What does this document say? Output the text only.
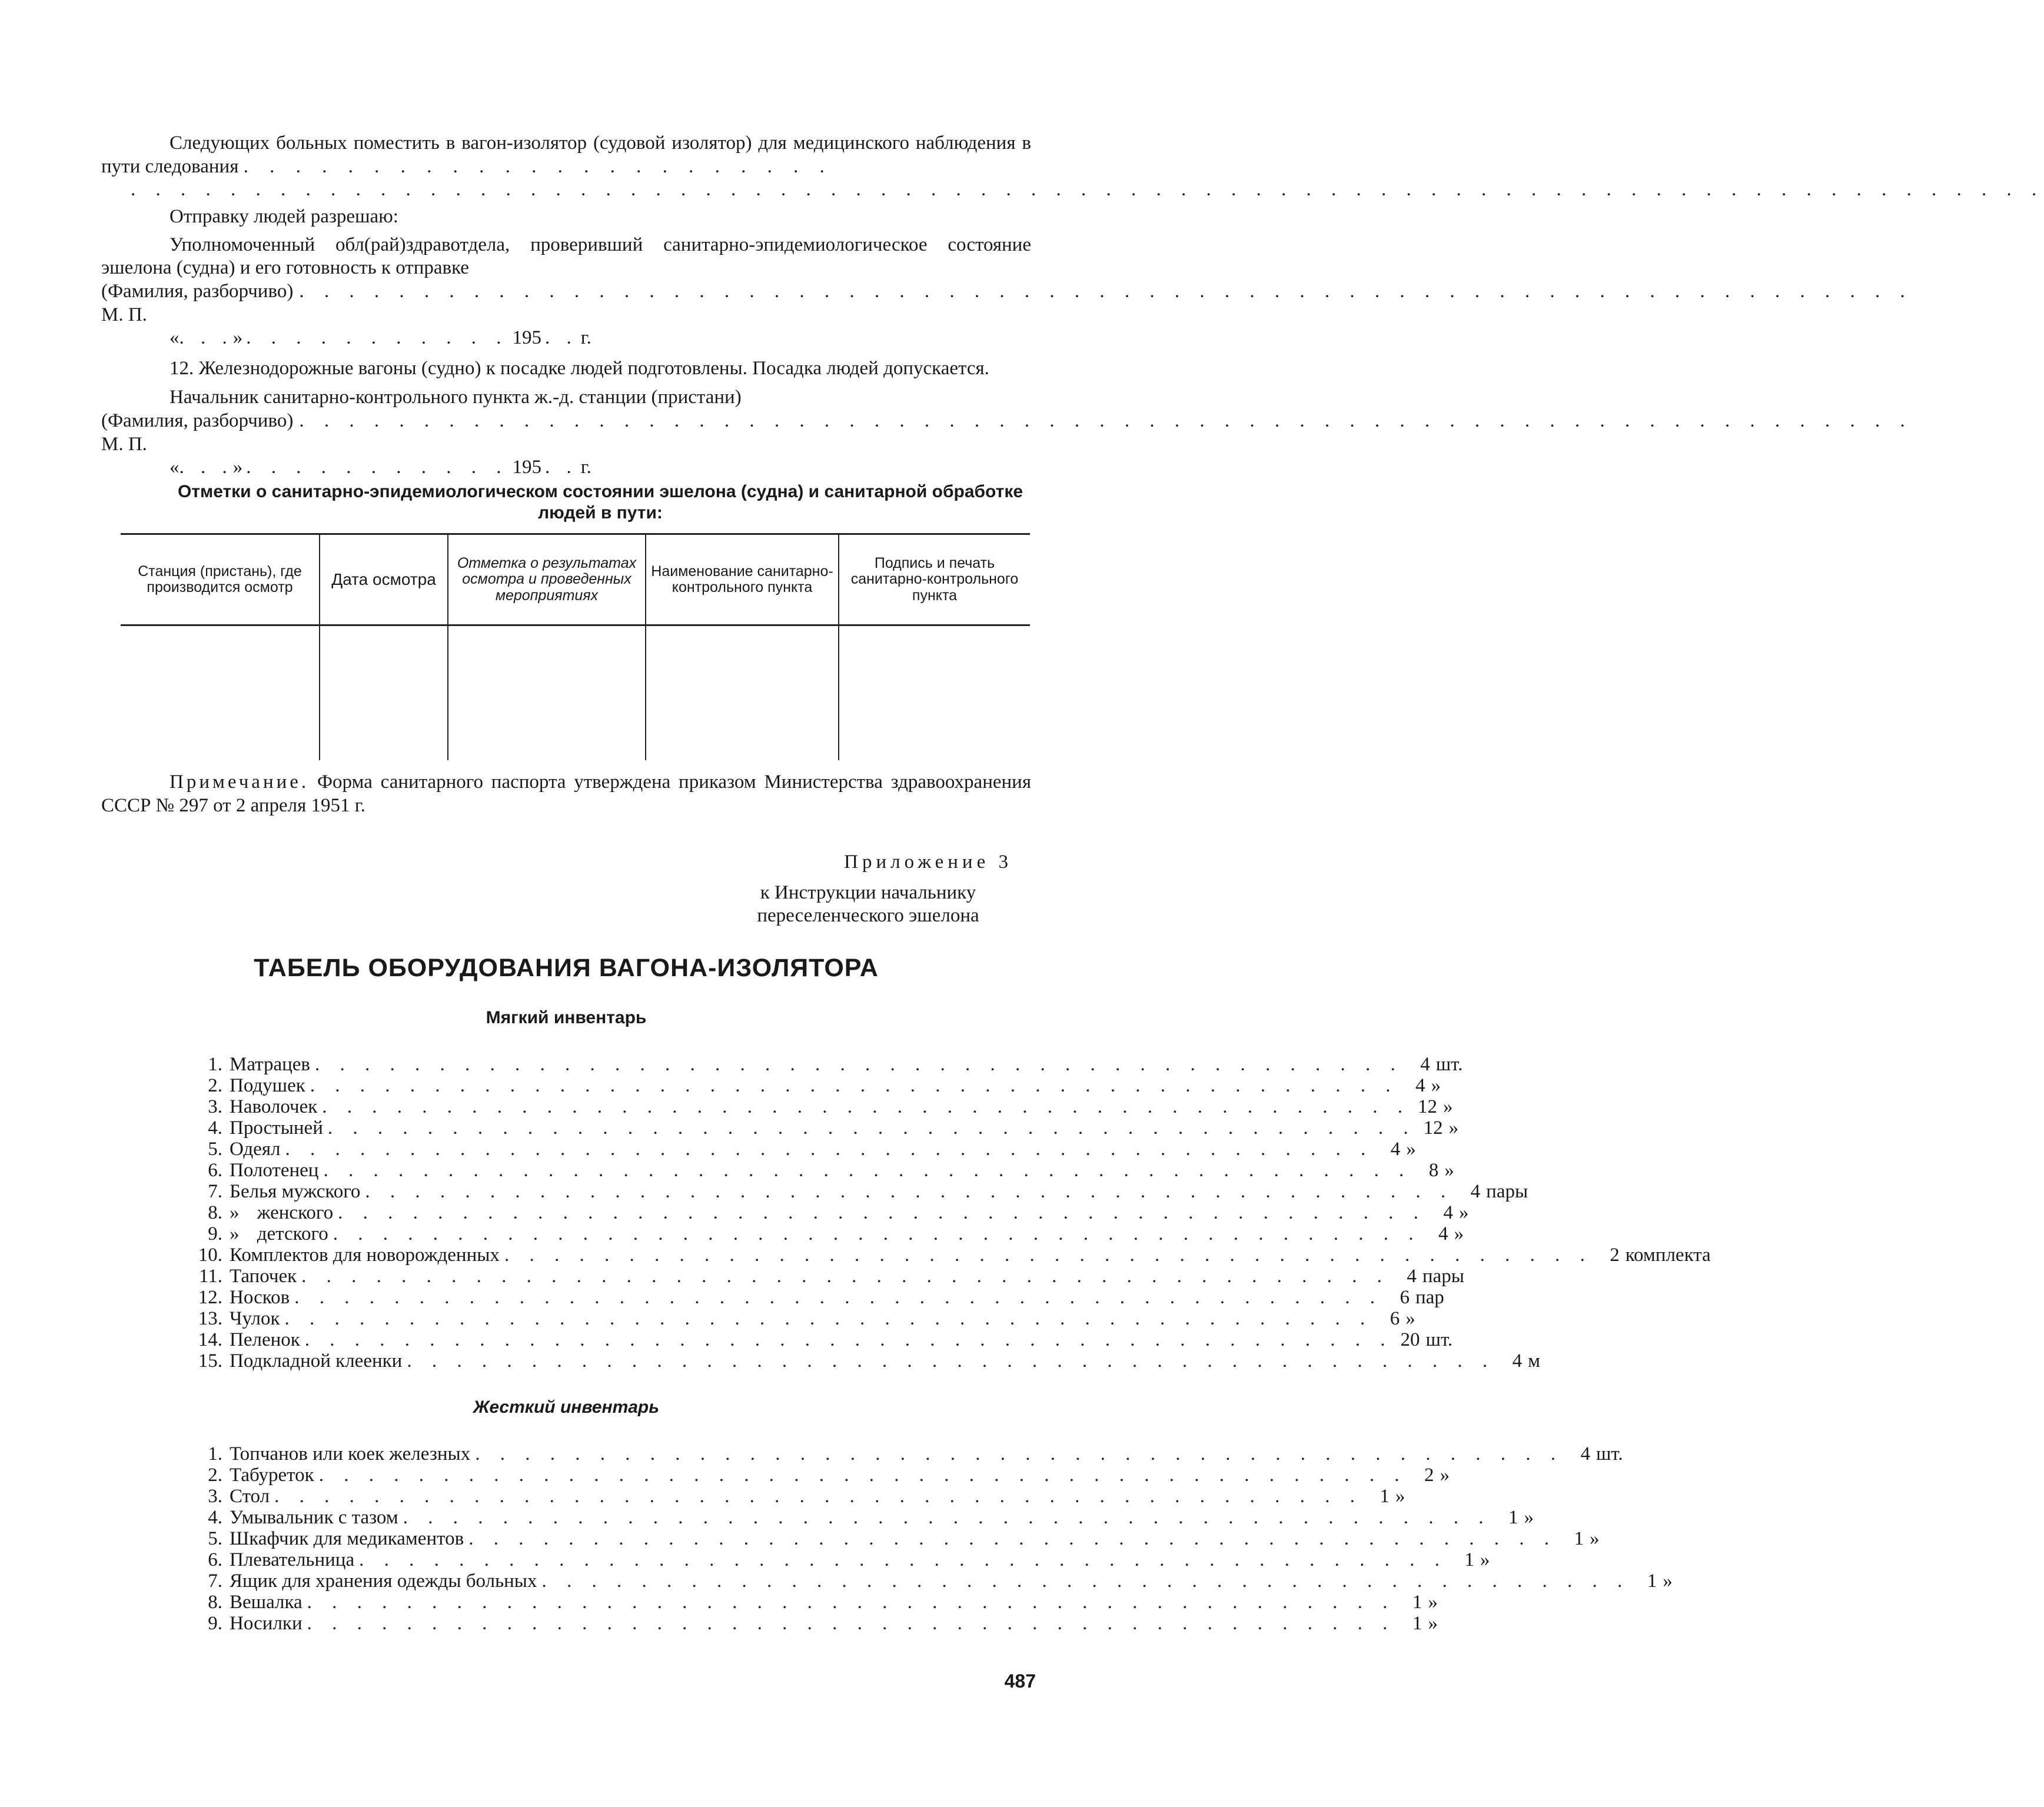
Следующих больных поместить в вагон-изолятор (судовой изолятор) для медицинского наблюдения в пути следования . . . . . . . . . . . . . . . . . . . . . . .

. . . . . . . . . . . . . . . . . . . . . . . . . . . . . . . . . . . . . . . . . . . . . . . . . . . . . . . . . . . . . . . . . . . . . . . . . . . . .

Отправку людей разрешаю:

Уполномоченный обл(рай)здравотдела, проверивший санитарно-эпидемиологическое состояние эшелона (судна) и его готовность к отправке

(Фамилия, разборчиво) . . . . . . . . . . . . . . . . . . . . . . . . . . . . . . . . . . . . . . . . . . . . . . . . . . . . . . . . . . . . . . . . .

М. П.

« . . . » . . . . . . . . . . . 195 . . г.

12. Железнодорожные вагоны (судно) к посадке людей подготовлены. Посадка людей допускается.

Начальник санитарно-контрольного пункта ж.-д. станции (пристани)

(Фамилия, разборчиво) . . . . . . . . . . . . . . . . . . . . . . . . . . . . . . . . . . . . . . . . . . . . . . . . . . . . . . . . . . . . . . . . .

М. П.

« . . . » . . . . . . . . . . . 195 . . г.

Отметки о санитарно-эпидемиологическом состоянии эшелона (судна) и санитарной обработке людей в пути:

Станция (пристань), где производится осмотр	Дата осмотра	Отметка о результатах осмотра и проведенных мероприятиях	Наименование санитарно-контрольного пункта	Подпись и печать санитарно-контрольного пункта

Примечание. Форма санитарного паспорта утверждена приказом Министерства здравоохранения СССР № 297 от 2 апреля 1951 г.

Приложение 3

к Инструкции начальнику

переселенческого эшелона

ТАБЕЛЬ ОБОРУДОВАНИЯ ВАГОНА-ИЗОЛЯТОРА

Мягкий инвентарь

1. Матрацев . . . . . . . . . . . . . . . . . . . . . . . . . . . . . . . . . . . . . . . . . . . . 4 шт.
2. Подушек . . . . . . . . . . . . . . . . . . . . . . . . . . . . . . . . . . . . . . . . . . . . 4 »
3. Наволочек . . . . . . . . . . . . . . . . . . . . . . . . . . . . . . . . . . . . . . . . . . . . 12 »
4. Простыней . . . . . . . . . . . . . . . . . . . . . . . . . . . . . . . . . . . . . . . . . . . . 12 »
5. Одеял . . . . . . . . . . . . . . . . . . . . . . . . . . . . . . . . . . . . . . . . . . . . 4 »
6. Полотенец . . . . . . . . . . . . . . . . . . . . . . . . . . . . . . . . . . . . . . . . . . . . 8 »
7. Белья мужского . . . . . . . . . . . . . . . . . . . . . . . . . . . . . . . . . . . . . . . . . . . . 4 пары
8. » женского . . . . . . . . . . . . . . . . . . . . . . . . . . . . . . . . . . . . . . . . . . . . 4 »
9. » детского . . . . . . . . . . . . . . . . . . . . . . . . . . . . . . . . . . . . . . . . . . . . 4 »
10. Комплектов для новорожденных . . . . . . . . . . . . . . . . . . . . . . . . . . . . . . . . . . . . . . . . . . . . 2 комплекта
11. Тапочек . . . . . . . . . . . . . . . . . . . . . . . . . . . . . . . . . . . . . . . . . . . . 4 пары
12. Носков . . . . . . . . . . . . . . . . . . . . . . . . . . . . . . . . . . . . . . . . . . . . 6 пар
13. Чулок . . . . . . . . . . . . . . . . . . . . . . . . . . . . . . . . . . . . . . . . . . . . 6 »
14. Пеленок . . . . . . . . . . . . . . . . . . . . . . . . . . . . . . . . . . . . . . . . . . . . 20 шт.
15. Подкладной клеенки . . . . . . . . . . . . . . . . . . . . . . . . . . . . . . . . . . . . . . . . . . . . 4 м

Жесткий инвентарь

1. Топчанов или коек железных . . . . . . . . . . . . . . . . . . . . . . . . . . . . . . . . . . . . . . . . . . . . 4 шт.
2. Табуреток . . . . . . . . . . . . . . . . . . . . . . . . . . . . . . . . . . . . . . . . . . . . 2 »
3. Стол . . . . . . . . . . . . . . . . . . . . . . . . . . . . . . . . . . . . . . . . . . . . 1 »
4. Умывальник с тазом . . . . . . . . . . . . . . . . . . . . . . . . . . . . . . . . . . . . . . . . . . . . 1 »
5. Шкафчик для медикаментов . . . . . . . . . . . . . . . . . . . . . . . . . . . . . . . . . . . . . . . . . . . . 1 »
6. Плевательница . . . . . . . . . . . . . . . . . . . . . . . . . . . . . . . . . . . . . . . . . . . . 1 »
7. Ящик для хранения одежды больных . . . . . . . . . . . . . . . . . . . . . . . . . . . . . . . . . . . . . . . . . . . . 1 »
8. Вешалка . . . . . . . . . . . . . . . . . . . . . . . . . . . . . . . . . . . . . . . . . . . . 1 »
9. Носилки . . . . . . . . . . . . . . . . . . . . . . . . . . . . . . . . . . . . . . . . . . . . 1 »
487
